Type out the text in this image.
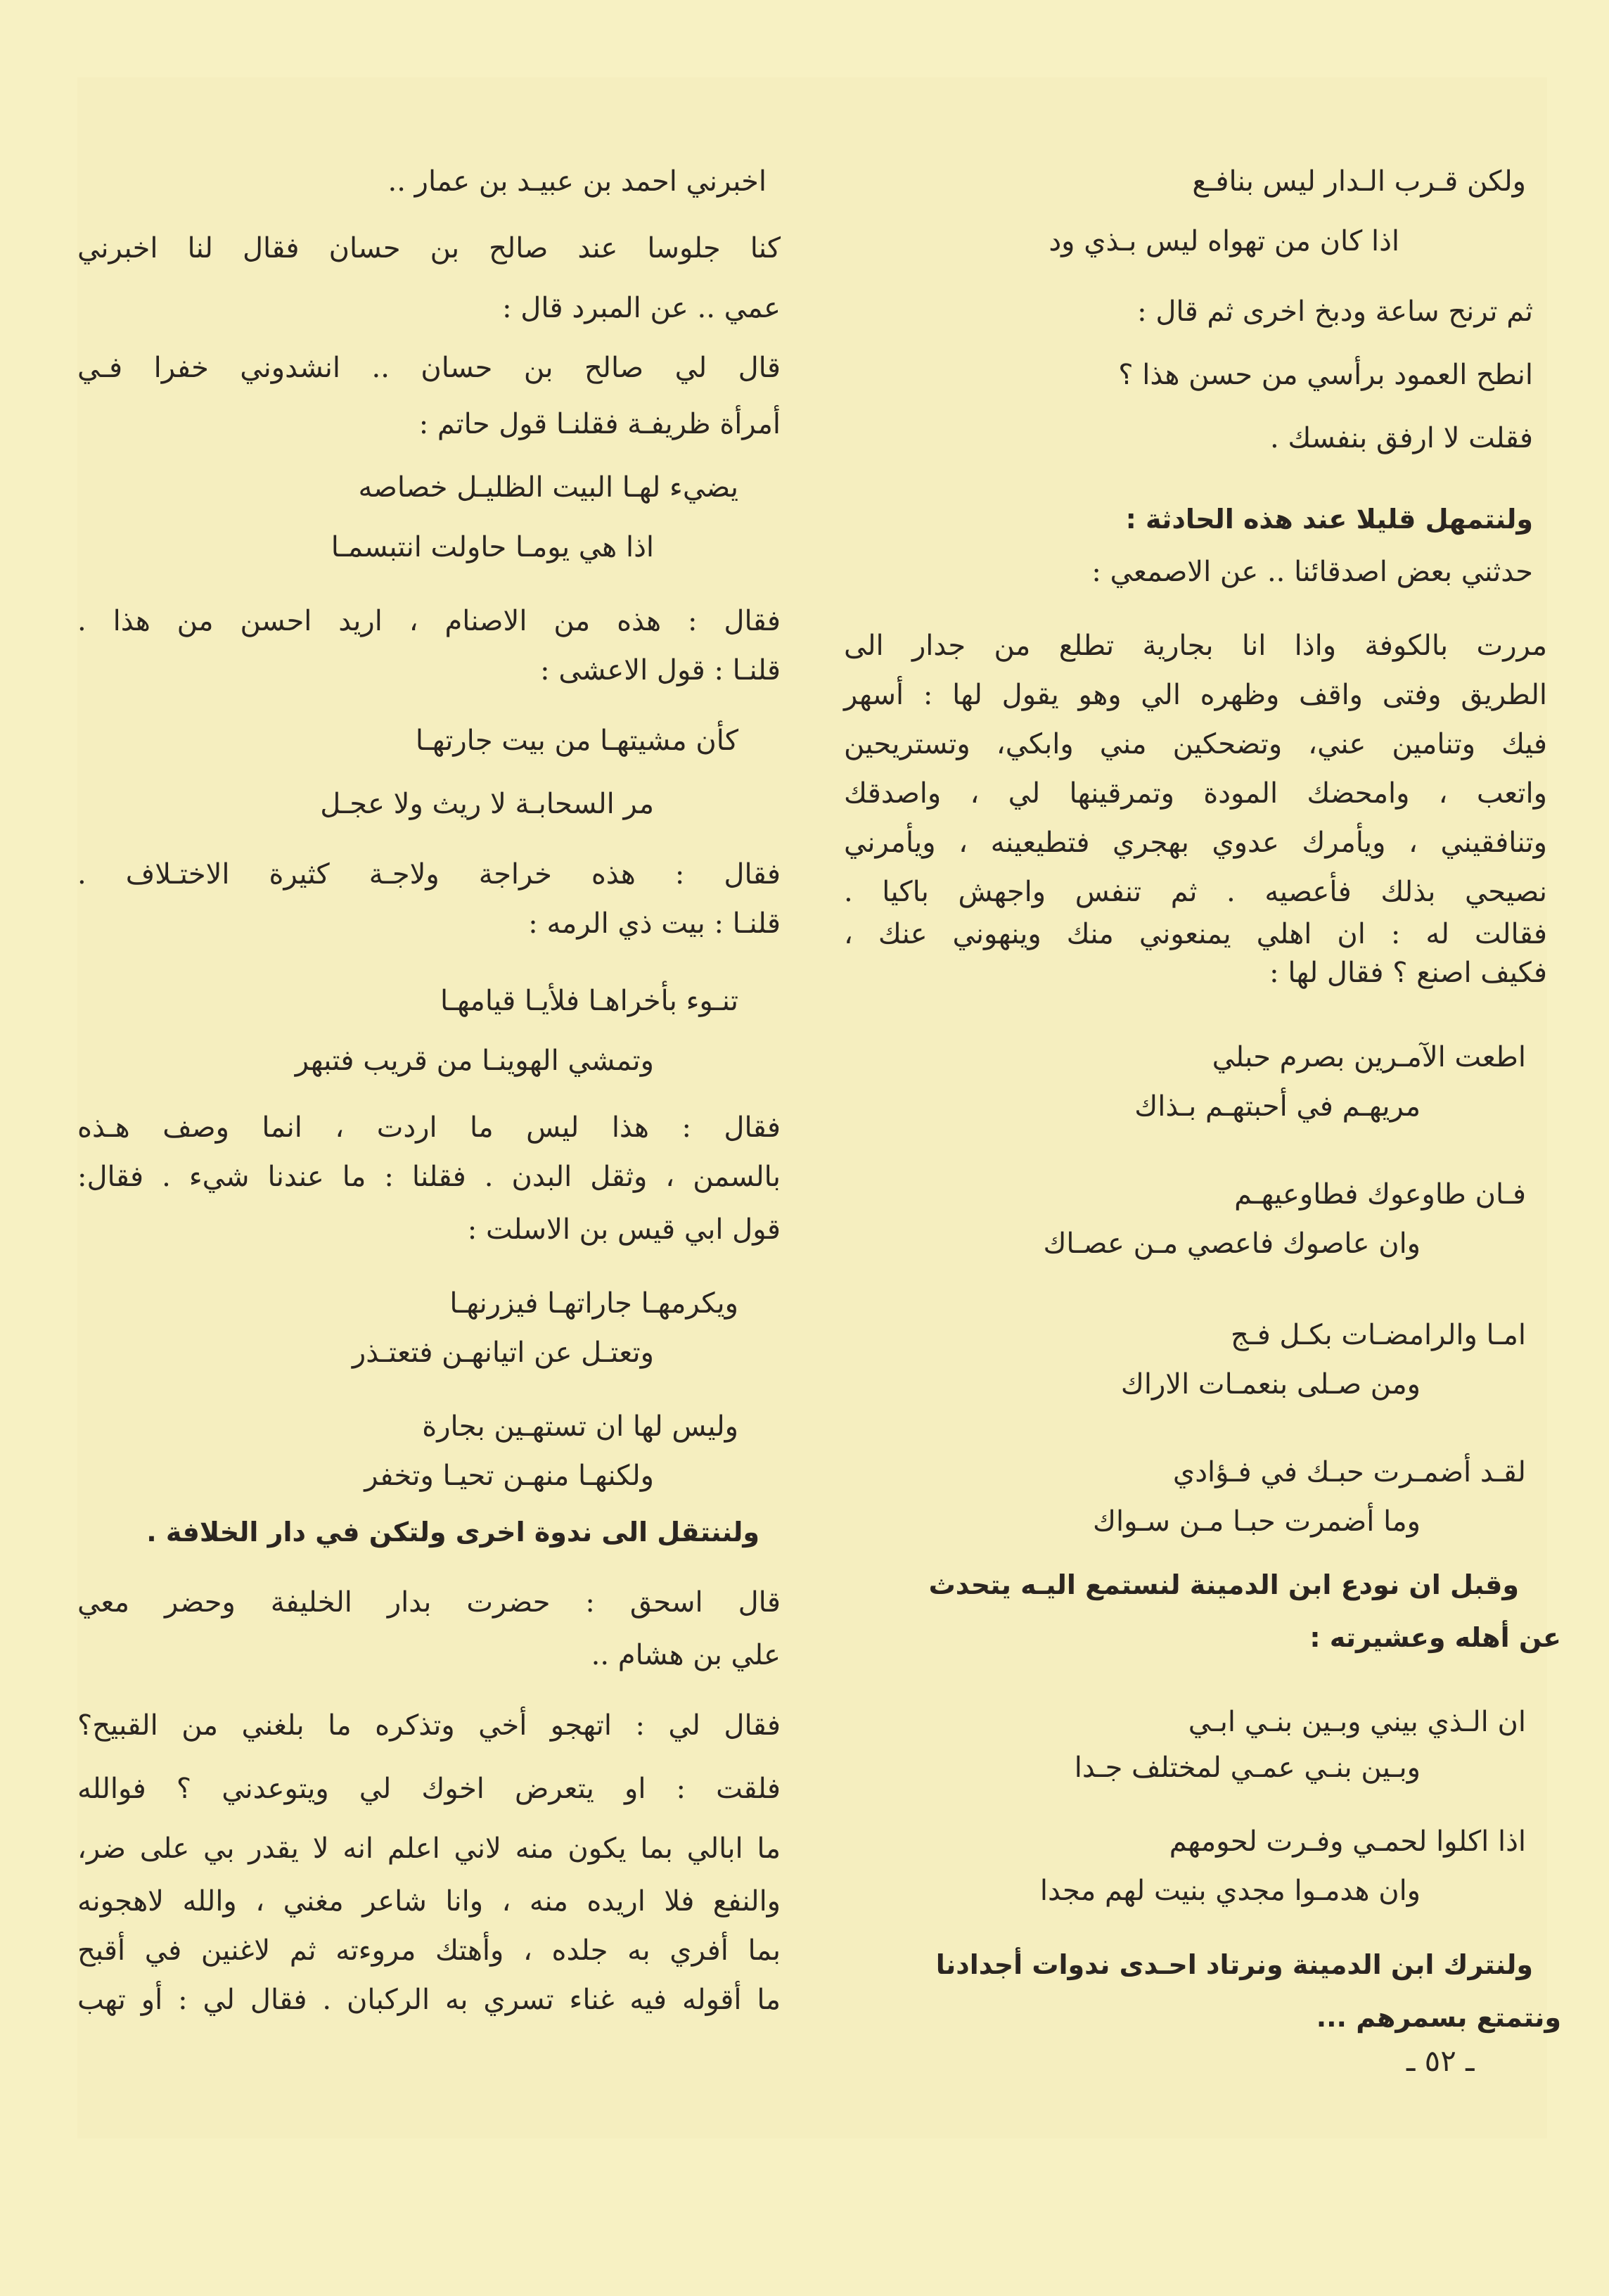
ولكن قـرب الـدار ليس بنافـع
اذا كان من تهواه ليس بـذي ود
ثم ترنح ساعة ودبخ اخرى ثم قال :
انطح العمود برأسي من حسن هذا ؟
فقلت لا ارفق بنفسك .
ولنتمهل قليلا عند هذه الحادثة :
حدثني بعض اصدقائنا .. عن الاصمعي :
مررت بالكوفة واذا انا بجارية تطلع من جدار الى
الطريق وفتى واقف وظهره الي وهو يقول لها : أسهر
فيك وتنامين عني، وتضحكين مني وابكي، وتستريحين
واتعب ، وامحضك المودة وتمرقينها لي ، واصدقك
وتنافقيني ، ويأمرك عدوي بهجري فتطيعينه ، ويأمرني
نصيحي بذلك فأعصيه . ثم تنفس واجهش باكيا .
فقالت له : ان اهلي يمنعوني منك وينهوني عنك ،
فكيف اصنع ؟ فقال لها :
اطعت الآمـرين بصرم حبلي
مريهـم في أحبتهـم بـذاك
فـان طاوعوك فطاوعيهـم
وان عاصوك فاعصي مـن عصـاك
امـا والرامضـات بكـل فـج
ومن صـلى بنعمـات الاراك
لقـد أضمـرت حبـك في فـؤادي
وما أضمرت حبـا مـن سـواك
وقبل ان نودع ابن الدمينة لنستمع اليـه يتحدث
عن أهله وعشيرته :
ان الـذي بيني وبـين بنـي ابـي
وبـين بنـي عمـي لمختلف جـدا
اذا اكلوا لحمـي وفـرت لحومهم
وان هدمـوا مجدي بنيت لهم مجدا
ولنترك ابن الدمينة ونرتاد احـدى ندوات أجدادنا
ونتمتع بسمرهم ...
اخبرني احمد بن عبيـد بن عمار ..
كنا جلوسا عند صالح بن حسان فقال لنا اخبرني
عمي .. عن المبرد قال :
قال لي صالح بن حسان .. انشدوني خفرا فـي
أمرأة ظريفـة فقلنـا قول حاتم :
يضيء لهـا البيت الظليـل خصاصه
اذا هي يومـا حاولت انتبسمـا
فقال : هذه من الاصنام ، اريد احسن من هذا .
قلنـا : قول الاعشى :
كأن مشيتهـا من بيت جارتهـا
مر السحابـة لا ريث ولا عجـل
فقال : هذه خراجة ولاجـة كثيرة الاختـلاف .
قلنـا : بيت ذي الرمه :
تنـوء بأخراهـا فلأيـا قيامهـا
وتمشي الهوينـا من قريب فتبهر
فقال : هذا ليس ما اردت ، انما وصف هـذه
بالسمن ، وثقل البدن . فقلنا : ما عندنا شيء . فقال:
قول ابي قيس بن الاسلت :
ويكرمهـا جاراتهـا فيزرنهـا
وتعتـل عن اتيانهـن فتعتـذر
وليس لها ان تستهـين بجارة
ولكنهـا منهـن تحيـا وتخفر
ولننتقل الى ندوة اخرى ولتكن في دار الخلافة .
قال اسحق : حضرت بدار الخليفة وحضر معي
علي بن هشام ..
فقال لي : اتهجو أخي وتذكره ما بلغني من القبيح؟
فلقت : او يتعرض اخوك لي ويتوعدني ؟ فوالله
ما ابالي بما يكون منه لاني اعلم انه لا يقدر بي على ضر،
والنفع فلا اريده منه ، وانا شاعر مغني ، والله لاهجونه
بما أفري به جلده ، وأهتك مروءته ثم لاغنين في أقبح
ما أقوله فيه غناء تسري به الركبان . فقال لي : أو تهب
ـ ٥٢ ـ
